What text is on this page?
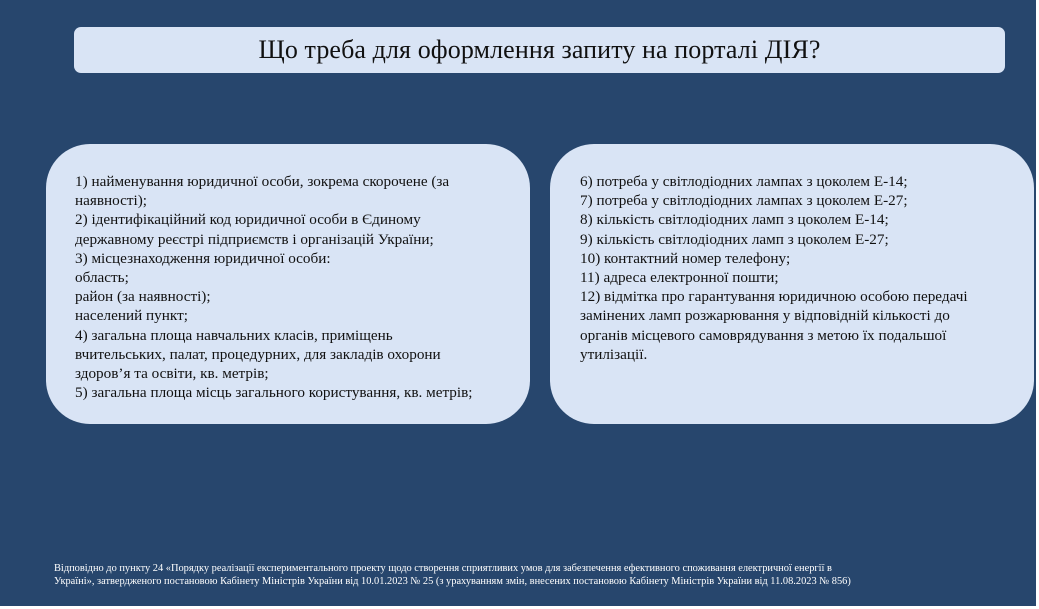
Що треба для оформлення запиту на порталі ДІЯ?
1) найменування юридичної особи, зокрема скорочене (за
наявності);
2) ідентифікаційний код юридичної особи в Єдиному
державному реєстрі підприємств і організацій України;
3) місцезнаходження юридичної особи:
область;
район (за наявності);
населений пункт;
4) загальна площа навчальних класів, приміщень
вчительських, палат, процедурних, для закладів охорони
здоров’я та освіти, кв. метрів;
5) загальна площа місць загального користування, кв. метрів;
6) потреба у світлодіодних лампах з цоколем Е-14;
7) потреба у світлодіодних лампах з цоколем Е-27;
8) кількість світлодіодних ламп з цоколем Е-14;
9) кількість світлодіодних ламп з цоколем Е-27;
10) контактний номер телефону;
11) адреса електронної пошти;
12) відмітка про гарантування юридичною особою передачі
замінених ламп розжарювання у відповідній кількості до
органів місцевого самоврядування з метою їх подальшої
утилізації.
Відповідно до пункту 24 «Порядку реалізації експериментального проекту щодо створення сприятливих умов для забезпечення ефективного споживання електричної енергії в
Україні», затвердженого постановою Кабінету Міністрів України від 10.01.2023 № 25 (з урахуванням змін, внесених постановою Кабінету Міністрів України від 11.08.2023 № 856)
